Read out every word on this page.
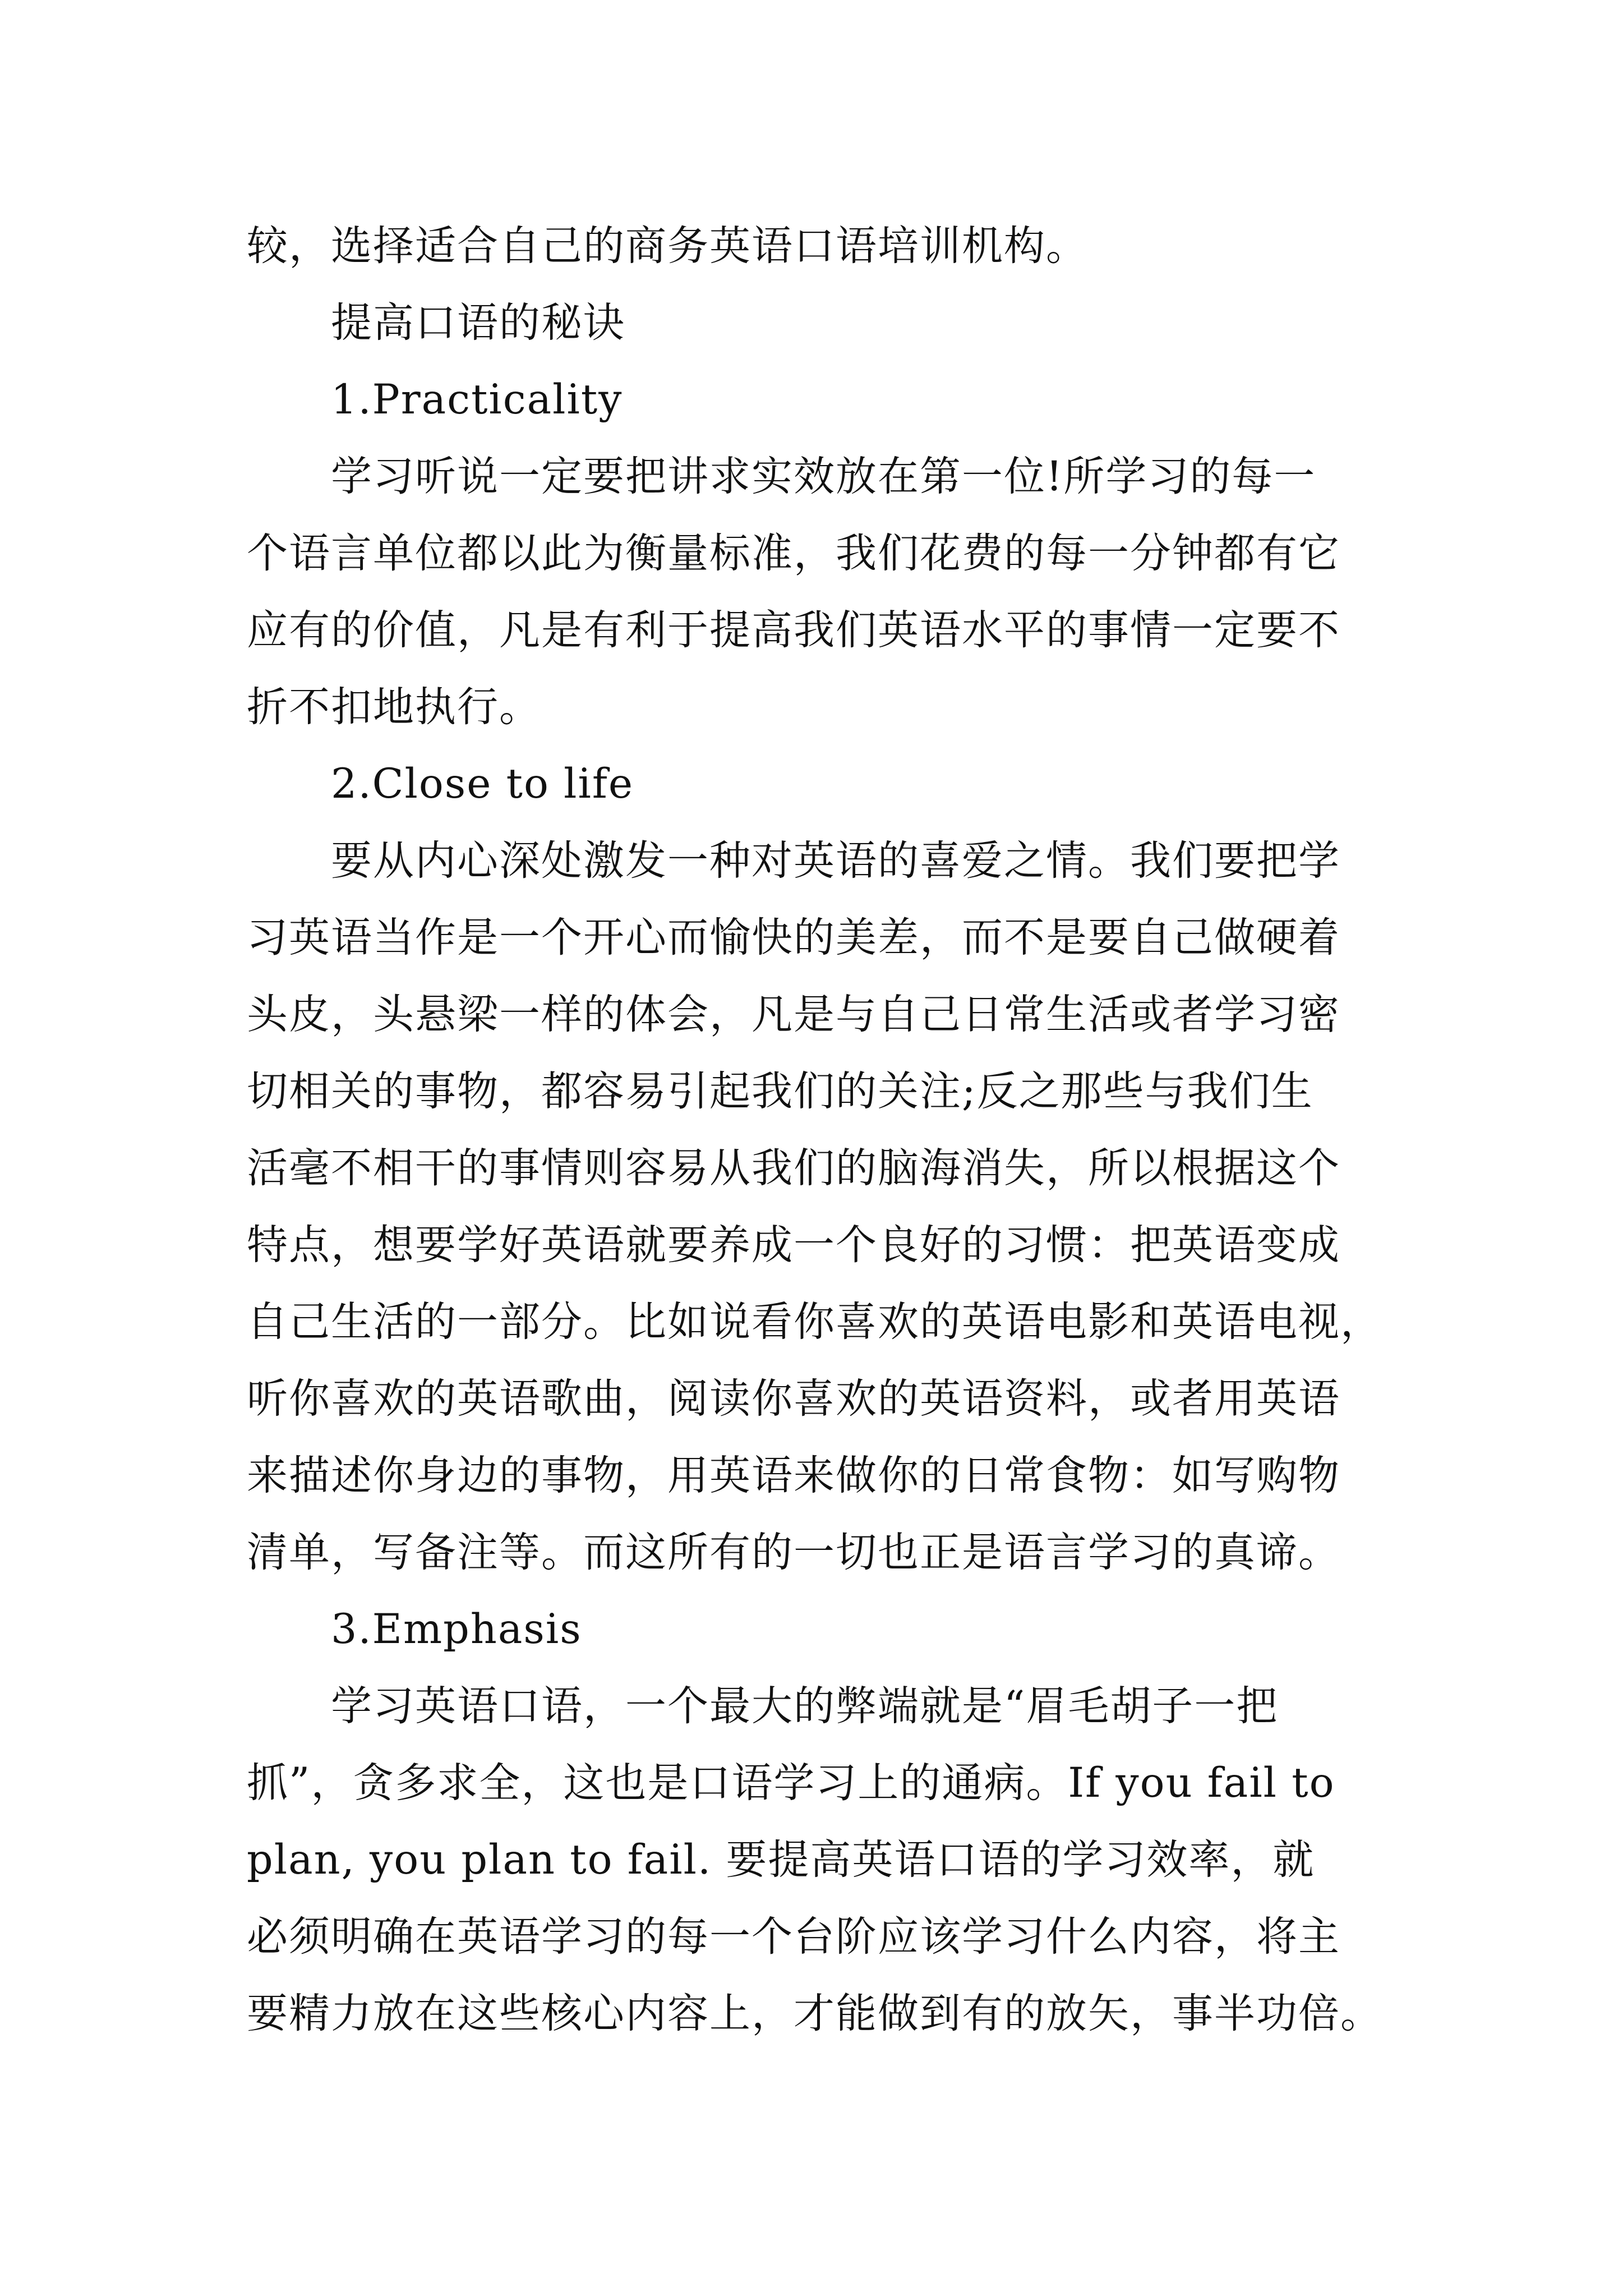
较，选择适合自己的商务英语口语培训机构。
提高口语的秘诀
1.Practicality
学习听说一定要把讲求实效放在第一位!所学习的每一
个语言单位都以此为衡量标准，我们花费的每一分钟都有它
应有的价值，凡是有利于提高我们英语水平的事情一定要不
折不扣地执行。
2.Close to life
要从内心深处激发一种对英语的喜爱之情。我们要把学
习英语当作是一个开心而愉快的美差，而不是要自己做硬着
头皮，头悬梁一样的体会，凡是与自己日常生活或者学习密
切相关的事物，都容易引起我们的关注;反之那些与我们生
活毫不相干的事情则容易从我们的脑海消失，所以根据这个
特点，想要学好英语就要养成一个良好的习惯：把英语变成
自己生活的一部分。比如说看你喜欢的英语电影和英语电视，
听你喜欢的英语歌曲，阅读你喜欢的英语资料，或者用英语
来描述你身边的事物，用英语来做你的日常食物：如写购物
清单，写备注等。而这所有的一切也正是语言学习的真谛。
3.Emphasis
学习英语口语，一个最大的弊端就是“眉毛胡子一把
抓”，贪多求全，这也是口语学习上的通病。If you fail to
plan, you plan to fail. 要提高英语口语的学习效率，就
必须明确在英语学习的每一个台阶应该学习什么内容，将主
要精力放在这些核心内容上，才能做到有的放矢，事半功倍。
